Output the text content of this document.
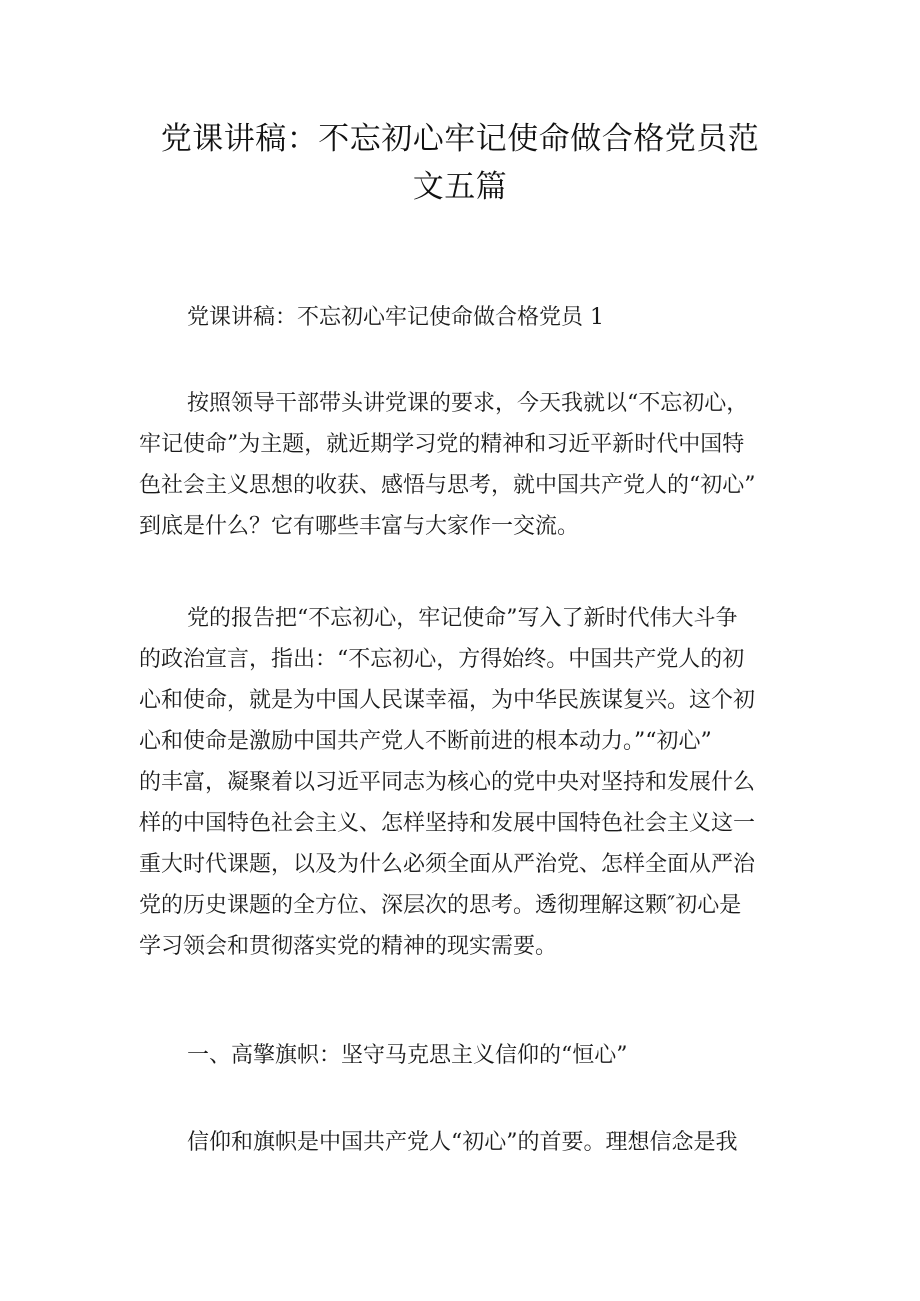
党课讲稿：不忘初心牢记使命做合格党员范
文五篇

党课讲稿：不忘初心牢记使命做合格党员 1

按照领导干部带头讲党课的要求，今天我就以“不忘初心，
牢记使命”为主题，就近期学习党的精神和习近平新时代中国特
色社会主义思想的收获、感悟与思考，就中国共产党人的“初心”
到底是什么？它有哪些丰富与大家作一交流。

党的报告把“不忘初心，牢记使命”写入了新时代伟大斗争
的政治宣言，指出：“不忘初心，方得始终。中国共产党人的初
心和使命，就是为中国人民谋幸福，为中华民族谋复兴。这个初
心和使命是激励中国共产党人不断前进的根本动力。”“初心”
的丰富，凝聚着以习近平同志为核心的党中央对坚持和发展什么
样的中国特色社会主义、怎样坚持和发展中国特色社会主义这一
重大时代课题，以及为什么必须全面从严治党、怎样全面从严治
党的历史课题的全方位、深层次的思考。透彻理解这颗″初心是
学习领会和贯彻落实党的精神的现实需要。

一、高擎旗帜：坚守马克思主义信仰的“恒心”

信仰和旗帜是中国共产党人“初心”的首要。理想信念是我
